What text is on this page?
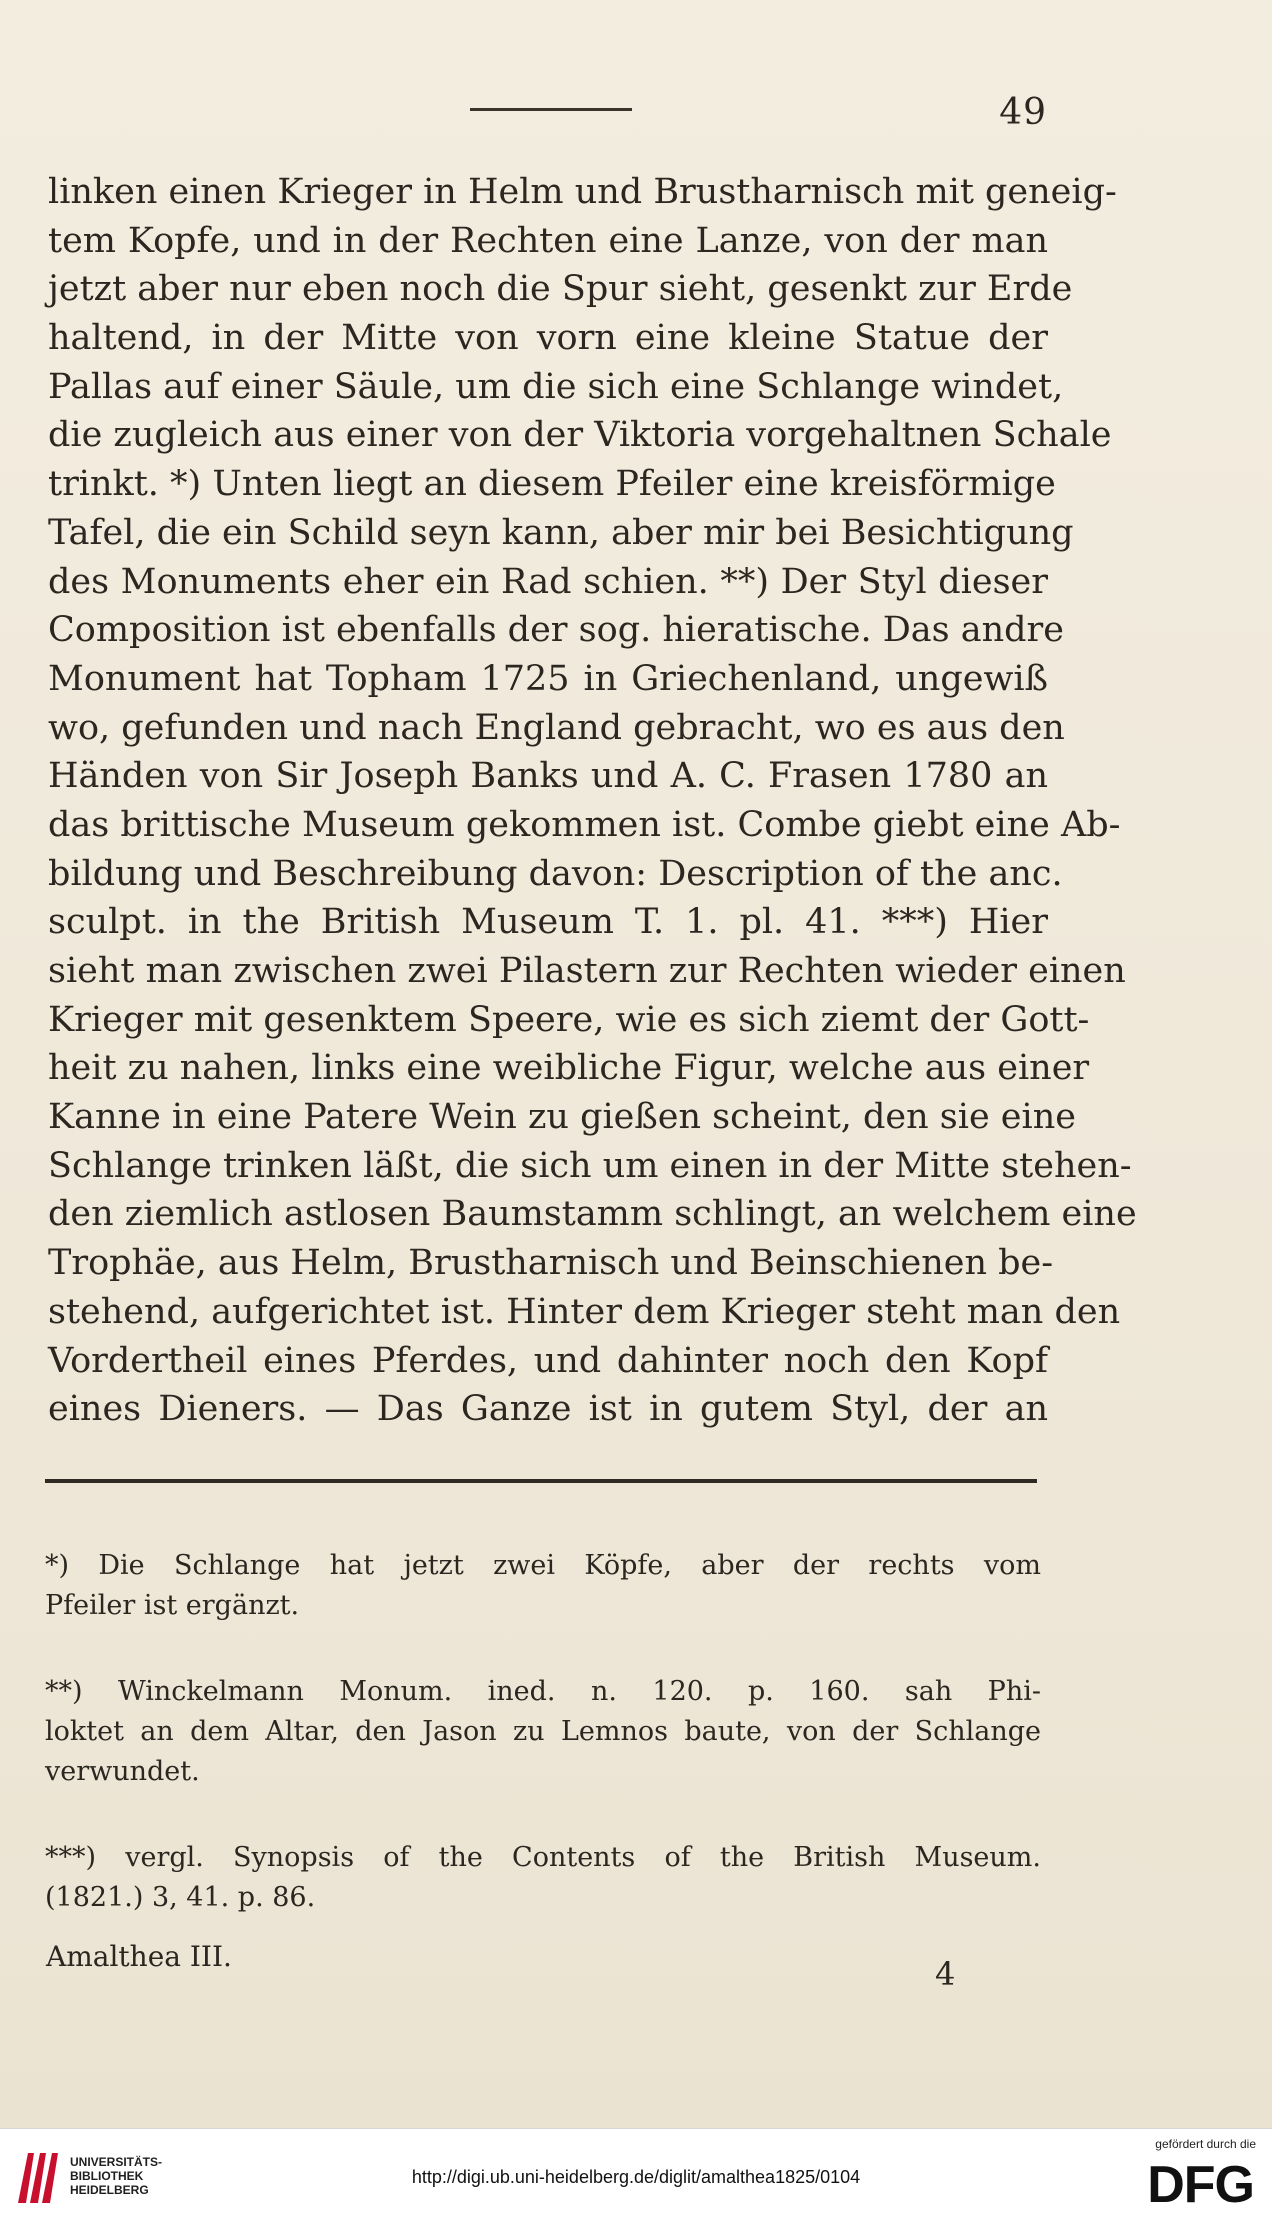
49
linken einen Krieger in Helm und Brustharnisch mit geneig-
tem Kopfe, und in der Rechten eine Lanze, von der man
jetzt aber nur eben noch die Spur sieht, gesenkt zur Erde
haltend, in der Mitte von vorn eine kleine Statue der
Pallas auf einer Säule, um die sich eine Schlange windet,
die zugleich aus einer von der Viktoria vorgehaltnen Schale
trinkt. *) Unten liegt an diesem Pfeiler eine kreisförmige
Tafel, die ein Schild seyn kann, aber mir bei Besichtigung
des Monuments eher ein Rad schien. **) Der Styl dieser
Composition ist ebenfalls der sog. hieratische. Das andre
Monument hat Topham 1725 in Griechenland, ungewiß
wo, gefunden und nach England gebracht, wo es aus den
Händen von Sir Joseph Banks und A. C. Frasen 1780 an
das brittische Museum gekommen ist. Combe giebt eine Ab-
bildung und Beschreibung davon: Description of the anc.
sculpt. in the British Museum T. 1. pl. 41. ***) Hier
sieht man zwischen zwei Pilastern zur Rechten wieder einen
Krieger mit gesenktem Speere, wie es sich ziemt der Gott-
heit zu nahen, links eine weibliche Figur, welche aus einer
Kanne in eine Patere Wein zu gießen scheint, den sie eine
Schlange trinken läßt, die sich um einen in der Mitte stehen-
den ziemlich astlosen Baumstamm schlingt, an welchem eine
Trophäe, aus Helm, Brustharnisch und Beinschienen be-
stehend, aufgerichtet ist. Hinter dem Krieger steht man den
Vordertheil eines Pferdes, und dahinter noch den Kopf
eines Dieners. — Das Ganze ist in gutem Styl, der an
*) Die Schlange hat jetzt zwei Köpfe, aber der rechts vom
Pfeiler ist ergänzt.
**) Winckelmann Monum. ined. n. 120. p. 160. sah Phi-
loktet an dem Altar, den Jason zu Lemnos baute, von der Schlange
verwundet.
***) vergl. Synopsis of the Contents of the British Museum.
(1821.) 3, 41. p. 86.
Amalthea III.	4
UNIVERSITÄTS-
BIBLIOTHEK
HEIDELBERG
http://digi.ub.uni-heidelberg.de/diglit/amalthea1825/0104
gefördert durch die
DFG
